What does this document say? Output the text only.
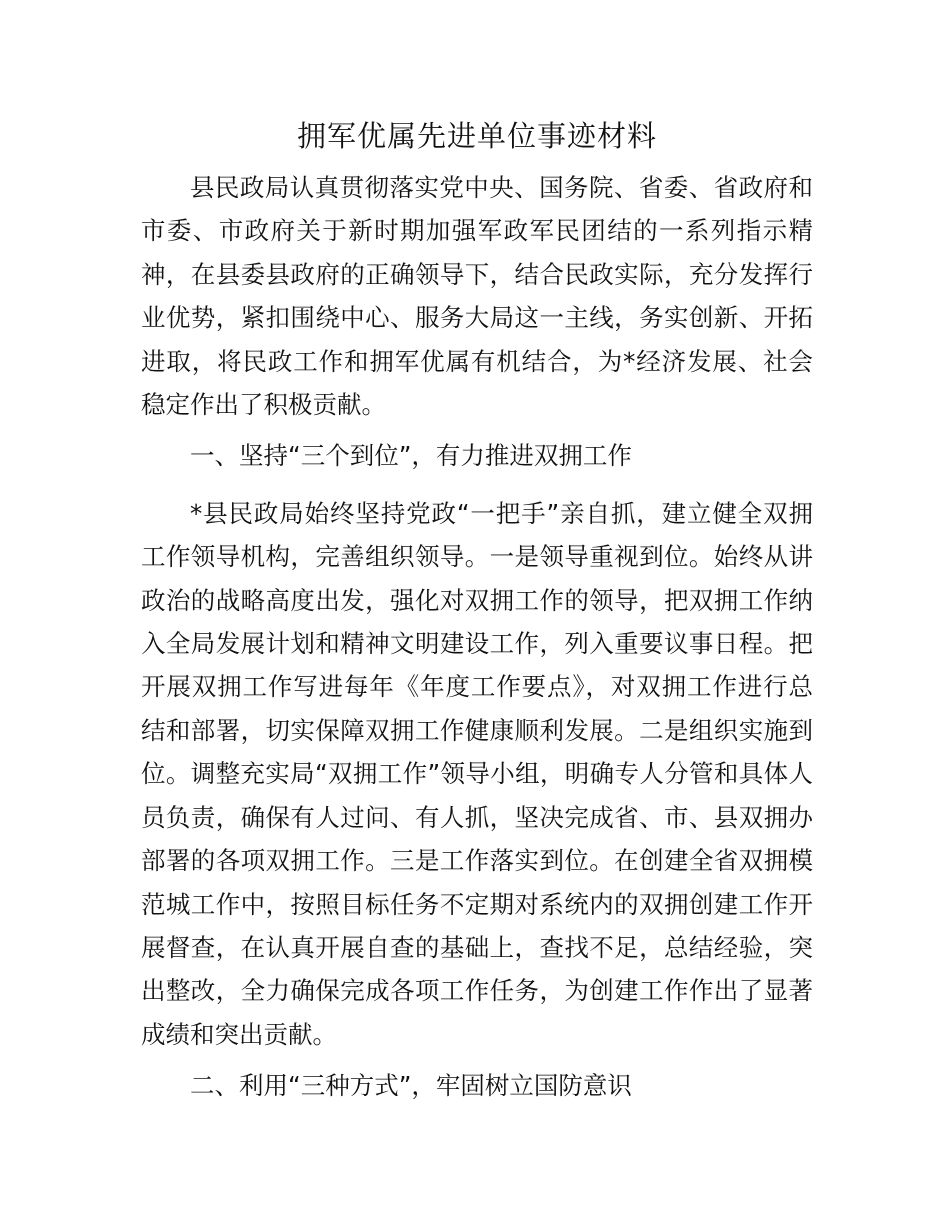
拥军优属先进单位事迹材料

县民政局认真贯彻落实党中央、国务院、省委、省政府和市委、市政府关于新时期加强军政军民团结的一系列指示精神，在县委县政府的正确领导下，结合民政实际，充分发挥行业优势，紧扣围绕中心、服务大局这一主线，务实创新、开拓进取，将民政工作和拥军优属有机结合，为*经济发展、社会稳定作出了积极贡献。

一、坚持“三个到位”，有力推进双拥工作

*县民政局始终坚持党政“一把手”亲自抓，建立健全双拥工作领导机构，完善组织领导。一是领导重视到位。始终从讲政治的战略高度出发，强化对双拥工作的领导，把双拥工作纳入全局发展计划和精神文明建设工作，列入重要议事日程。把开展双拥工作写进每年《年度工作要点》，对双拥工作进行总结和部署，切实保障双拥工作健康顺利发展。二是组织实施到位。调整充实局“双拥工作”领导小组，明确专人分管和具体人员负责，确保有人过问、有人抓，坚决完成省、市、县双拥办部署的各项双拥工作。三是工作落实到位。在创建全省双拥模范城工作中，按照目标任务不定期对系统内的双拥创建工作开展督查，在认真开展自查的基础上，查找不足，总结经验，突出整改，全力确保完成各项工作任务，为创建工作作出了显著成绩和突出贡献。

二、利用“三种方式”，牢固树立国防意识
